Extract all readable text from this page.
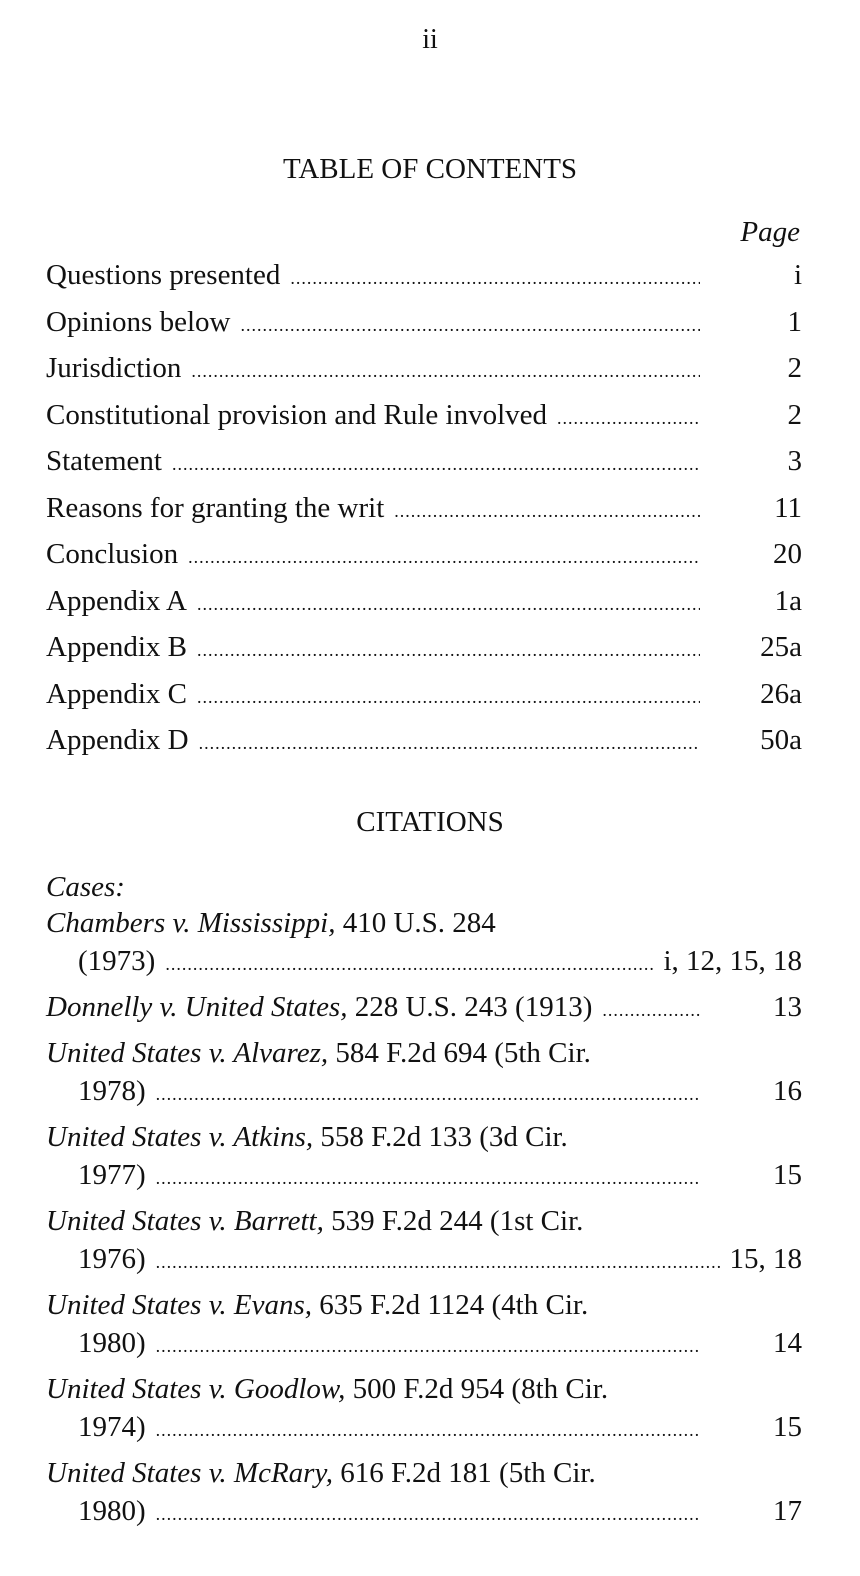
ii
TABLE OF CONTENTS
Page
Questions presented .....	i
Opinions below .....	1
Jurisdiction .....	2
Constitutional provision and Rule involved .....	2
Statement .....	3
Reasons for granting the writ .....	11
Conclusion .....	20
Appendix A .....	1a
Appendix B .....	25a
Appendix C .....	26a
Appendix D .....	50a
CITATIONS
Cases:
Chambers v. Mississippi, 410 U.S. 284
(1973) .....	i, 12, 15, 18
Donnelly v. United States, 228 U.S. 243 (1913) .....	13
United States v. Alvarez, 584 F.2d 694 (5th Cir.
1978) .....	16
United States v. Atkins, 558 F.2d 133 (3d Cir.
1977) .....	15
United States v. Barrett, 539 F.2d 244 (1st Cir.
1976) .....	15, 18
United States v. Evans, 635 F.2d 1124 (4th Cir.
1980) .....	14
United States v. Goodlow, 500 F.2d 954 (8th Cir.
1974) .....	15
United States v. McRary, 616 F.2d 181 (5th Cir.
1980) .....	17
